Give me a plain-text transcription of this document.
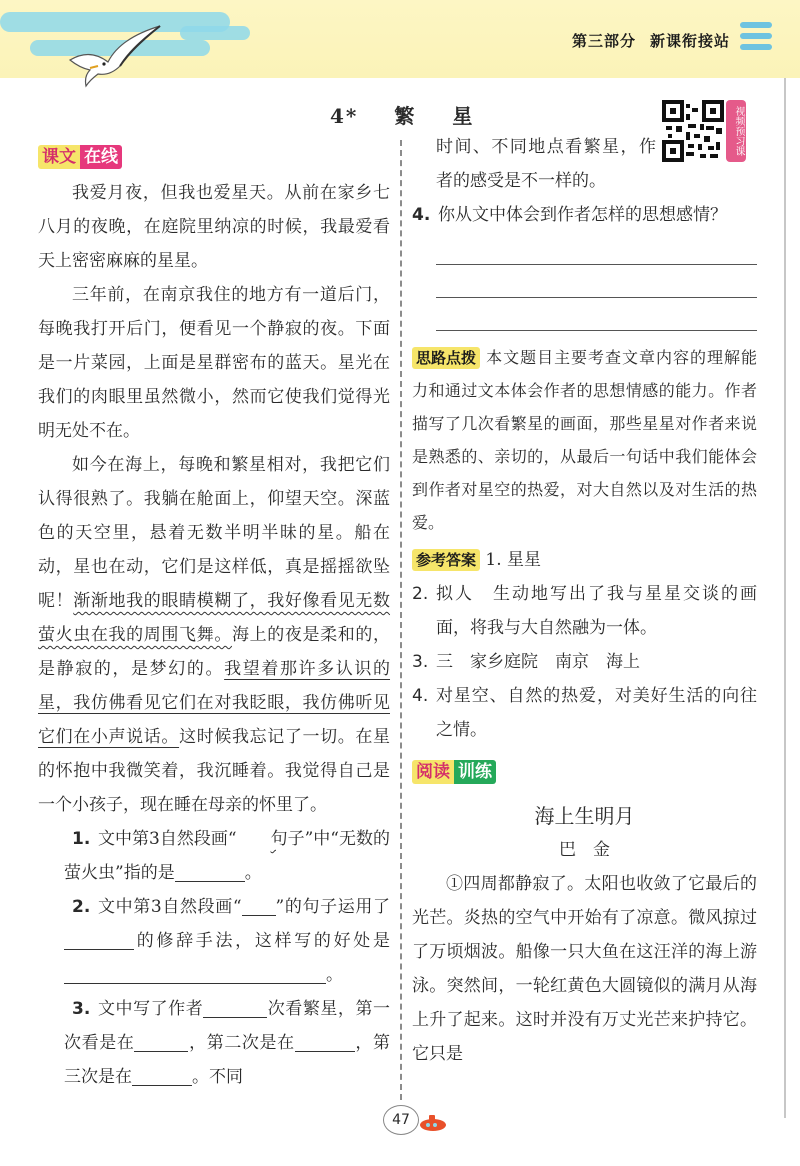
第三部分 新课衔接站
4* 繁 星	视频预习课
课文 在线

我爱月夜，但我也爱星天。从前在家乡七八月的夜晚，在庭院里纳凉的时候，我最爱看天上密密麻麻的星星。

三年前，在南京我住的地方有一道后门，每晚我打开后门，便看见一个静寂的夜。下面是一片菜园，上面是星群密布的蓝天。星光在我们的肉眼里虽然微小，然而它使我们觉得光明无处不在。

如今在海上，每晚和繁星相对，我把它们认得很熟了。我躺在舱面上，仰望天空。深蓝色的天空里，悬着无数半明半昧的星。船在动，星也在动，它们是这样低，真是摇摇欲坠呢！渐渐地我的眼睛模糊了，我好像看见无数萤火虫在我的周围飞舞。海上的夜是柔和的，是静寂的，是梦幻的。我望着那许多认识的星，我仿佛看见它们在对我眨眼，我仿佛听见它们在小声说话。这时候我忘记了一切。在星的怀抱中我微笑着，我沉睡着。我觉得自己是一个小孩子，现在睡在母亲的怀里了。

1. 文中第3自然段画“ 句子”中“无数的萤火虫”指的是	。

2. 文中第3自然段画“ ”的句子运用了的修辞手法，这样写的好处是。

3. 文中写了作者	次看繁星，第一次看是在	，第二次是在	，第三次是在	。不同

时间、不同地点看繁星，作者的感受是不一样的。

4. 你从文中体会到作者怎样的思想感情？

思路点拨 本文题目主要考查文章内容的理解能力和通过文本体会作者的思想情感的能力。作者描写了几次看繁星的画面，那些星星对作者来说是熟悉的、亲切的，从最后一句话中我们能体会到作者对星空的热爱，对大自然以及对生活的热爱。

参考答案 1. 星星

2. 拟人　生动地写出了我与星星交谈的画面，将我与大自然融为一体。

3. 三　家乡庭院　南京　海上

4. 对星空、自然的热爱，对美好生活的向往之情。

阅读 训练

海上生明月

巴　金

①四周都静寂了。太阳也收敛了它最后的光芒。炎热的空气中开始有了凉意。微风掠过了万顷烟波。船像一只大鱼在这汪洋的海上游泳。突然间，一轮红黄色大圆镜似的满月从海上升了起来。这时并没有万丈光芒来护持它。它只是

47
